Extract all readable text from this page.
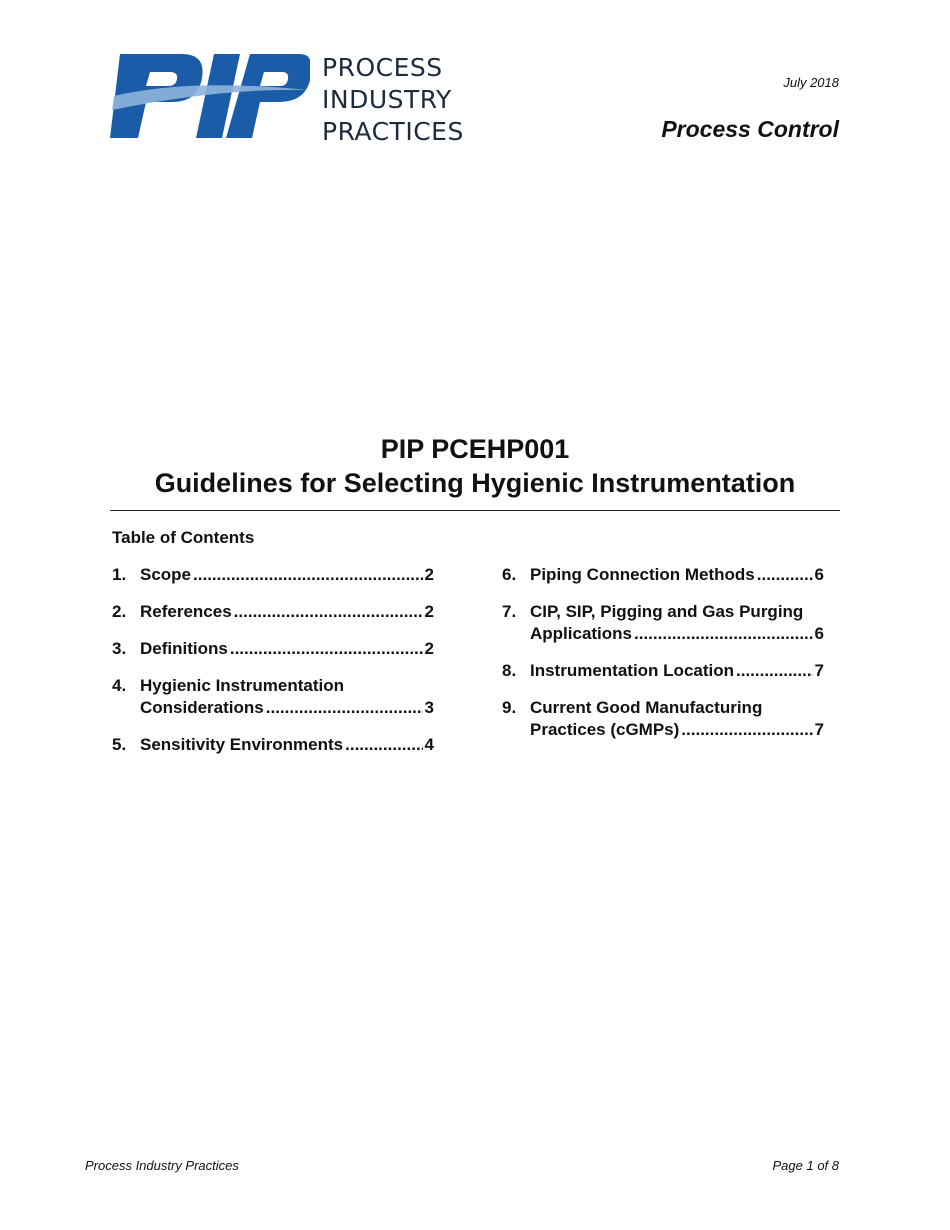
PROCESS
INDUSTRY
PRACTICES
July 2018
Process Control
PIP PCEHP001
Guidelines for Selecting Hygienic Instrumentation
Table of Contents
1. Scope .....	2
2. References .....	2
3. Definitions .....	2
4. Hygienic Instrumentation
Considerations .....	3
5. Sensitivity Environments .....	4
6. Piping Connection Methods .....	6
7. CIP, SIP, Pigging and Gas Purging
Applications .....	6
8. Instrumentation Location .....	7
9. Current Good Manufacturing
Practices (cGMPs) .....	7
Process Industry Practices	Page 1 of 8
